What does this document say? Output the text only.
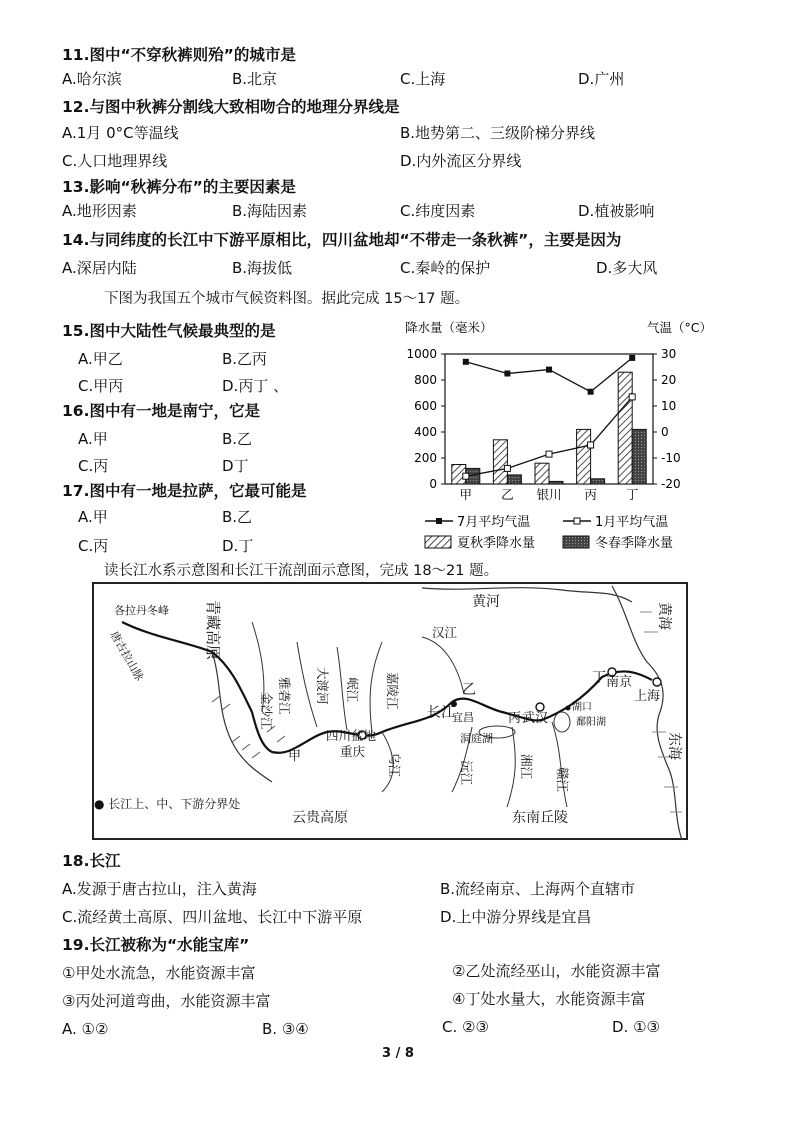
11.图中“不穿秋裤则殆”的城市是
A.哈尔滨	B.北京	C.上海	D.广州
12.与图中秋裤分割线大致相吻合的地理分界线是
A.1月 0°C等温线	B.地势第二、三级阶梯分界线
C.人口地理界线	D.内外流区分界线
13.影响“秋裤分布”的主要因素是
A.地形因素	B.海陆因素	C.纬度因素	D.植被影响
14.与同纬度的长江中下游平原相比，四川盆地却“不带走一条秋裤”，主要是因为
A.深居内陆	B.海拔低	C.秦岭的保护	D.多大风
下图为我国五个城市气候资料图。据此完成 15～17 题。
15.图中大陆性气候最典型的是
A.甲乙	B.乙丙
C.甲丙	D.丙丁 、
16.图中有一地是南宁，它是
A.甲	B.乙
C.丙	D丁
17.图中有一地是拉萨，它最可能是
A.甲	B.乙
C.丙	D.丁
降水量（毫米）	气温（°C）
1000
800
600
400
200
0
30
20
10
0
-10
-20
甲 乙 银川 丙 丁
7月平均气温	1月平均气温
夏秋季降水量	冬春季降水量
读长江水系示意图和长江干流剖面示意图，完成 18～21 题。
各拉丹冬峰
唐古拉山脉	青藏高原
金沙江 雅砻江 大渡河 岷江 嘉陵江
汉江
黄河	黄海
东海
四川盆地
重庆
乌江
长江
乙
宜昌	丙 武汉
洞庭湖
沅江	湘江
赣江
湖口
鄱阳湖
丁 南京
上海
甲
云贵高原	东南丘陵
● 长江上、中、下游分界处
18.长江
A.发源于唐古拉山，注入黄海	B.流经南京、上海两个直辖市
C.流经黄土高原、四川盆地、长江中下游平原	D.上中游分界线是宜昌
19.长江被称为“水能宝库”
①甲处水流急，水能资源丰富	②乙处流经巫山，水能资源丰富
③丙处河道弯曲，水能资源丰富	④丁处水量大，水能资源丰富
A. ①②	B. ③④	C. ②③	D. ①③
3 / 8
